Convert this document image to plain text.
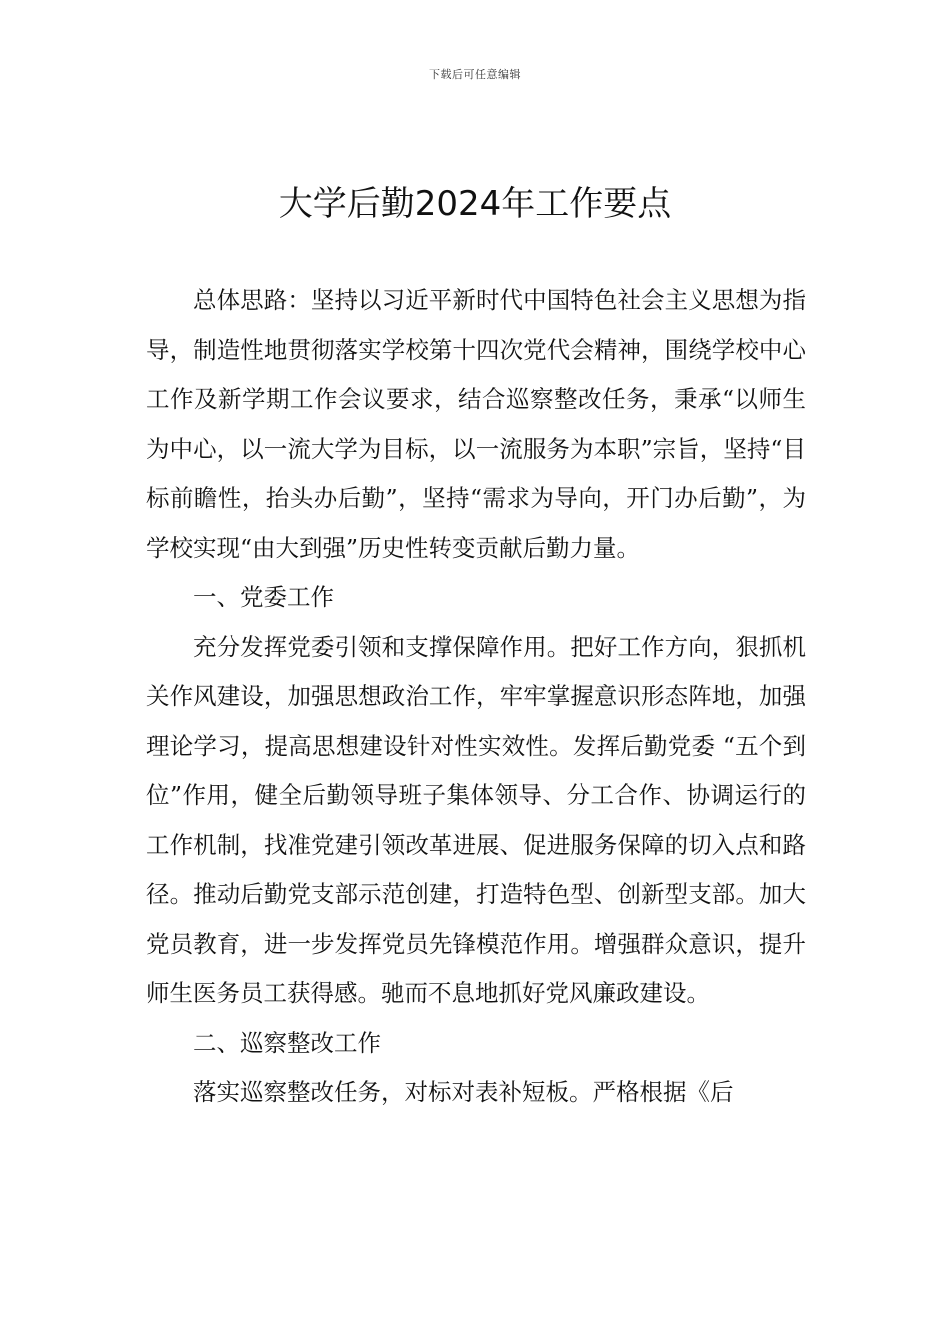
下载后可任意编辑
大学后勤2024年工作要点

总体思路：坚持以习近平新时代中国特色社会主义思想为指导，制造性地贯彻落实学校第十四次党代会精神，围绕学校中心工作及新学期工作会议要求，结合巡察整改任务，秉承“以师生为中心，以一流大学为目标，以一流服务为本职”宗旨，坚持“目标前瞻性，抬头办后勤”，坚持“需求为导向，开门办后勤”，为学校实现“由大到强”历史性转变贡献后勤力量。

一、党委工作

充分发挥党委引领和支撑保障作用。把好工作方向，狠抓机关作风建设，加强思想政治工作，牢牢掌握意识形态阵地，加强理论学习，提高思想建设针对性实效性。发挥后勤党委 “五个到位”作用，健全后勤领导班子集体领导、分工合作、协调运行的工作机制，找准党建引领改革进展、促进服务保障的切入点和路径。推动后勤党支部示范创建，打造特色型、创新型支部。加大党员教育，进一步发挥党员先锋模范作用。增强群众意识，提升师生医务员工获得感。驰而不息地抓好党风廉政建设。

二、巡察整改工作

落实巡察整改任务，对标对表补短板。严格根据《后
